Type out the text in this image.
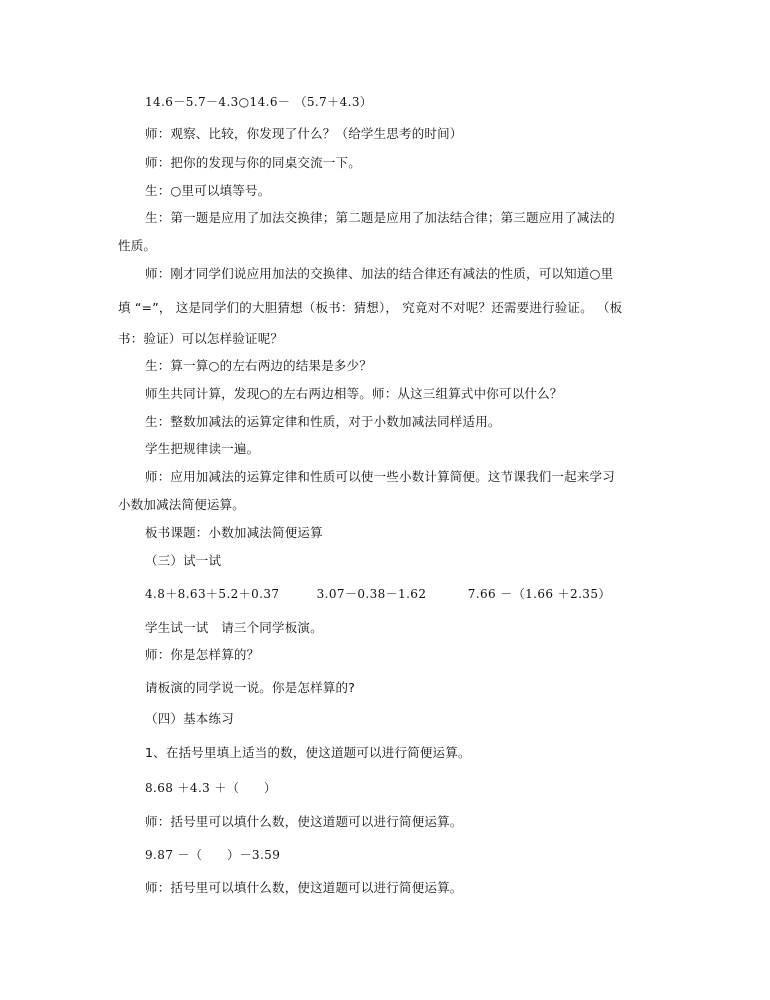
14.6－5.7－4.3○14.6－ （5.7＋4.3）
师：观察、比较，你发现了什么？（给学生思考的时间）
师：把你的发现与你的同桌交流一下。
生：○里可以填等号。
生：第一题是应用了加法交换律；第二题是应用了加法结合律；第三题应用了减法的
性质。
师：刚才同学们说应用加法的交换律、加法的结合律还有减法的性质，可以知道○里
填 “=”， 这是同学们的大胆猜想（板书：猜想）， 究竟对不对呢？还需要进行验证。 （板
书：验证）可以怎样验证呢？
生：算一算○的左右两边的结果是多少？
师生共同计算，发现○的左右两边相等。师：从这三组算式中你可以什么？
生：整数加减法的运算定律和性质，对于小数加减法同样适用。
学生把规律读一遍。
师：应用加减法的运算定律和性质可以使一些小数计算简便。这节课我们一起来学习
小数加减法简便运算。
板书课题：小数加减法简便运算
（三）试一试
4.8＋8.63＋5.2＋0.37　　　3.07－0.38－1.62　　　 7.66 －（1.66 ＋2.35）
学生试一试　请三个同学板演。
师：你是怎样算的？
请板演的同学说一说。你是怎样算的?
（四）基本练习
1、在括号里填上适当的数，使这道题可以进行简便运算。
8.68 ＋4.3 ＋（　　）
师：括号里可以填什么数，使这道题可以进行简便运算。
9.87 －（　　）－3.59
师：括号里可以填什么数，使这道题可以进行简便运算。
